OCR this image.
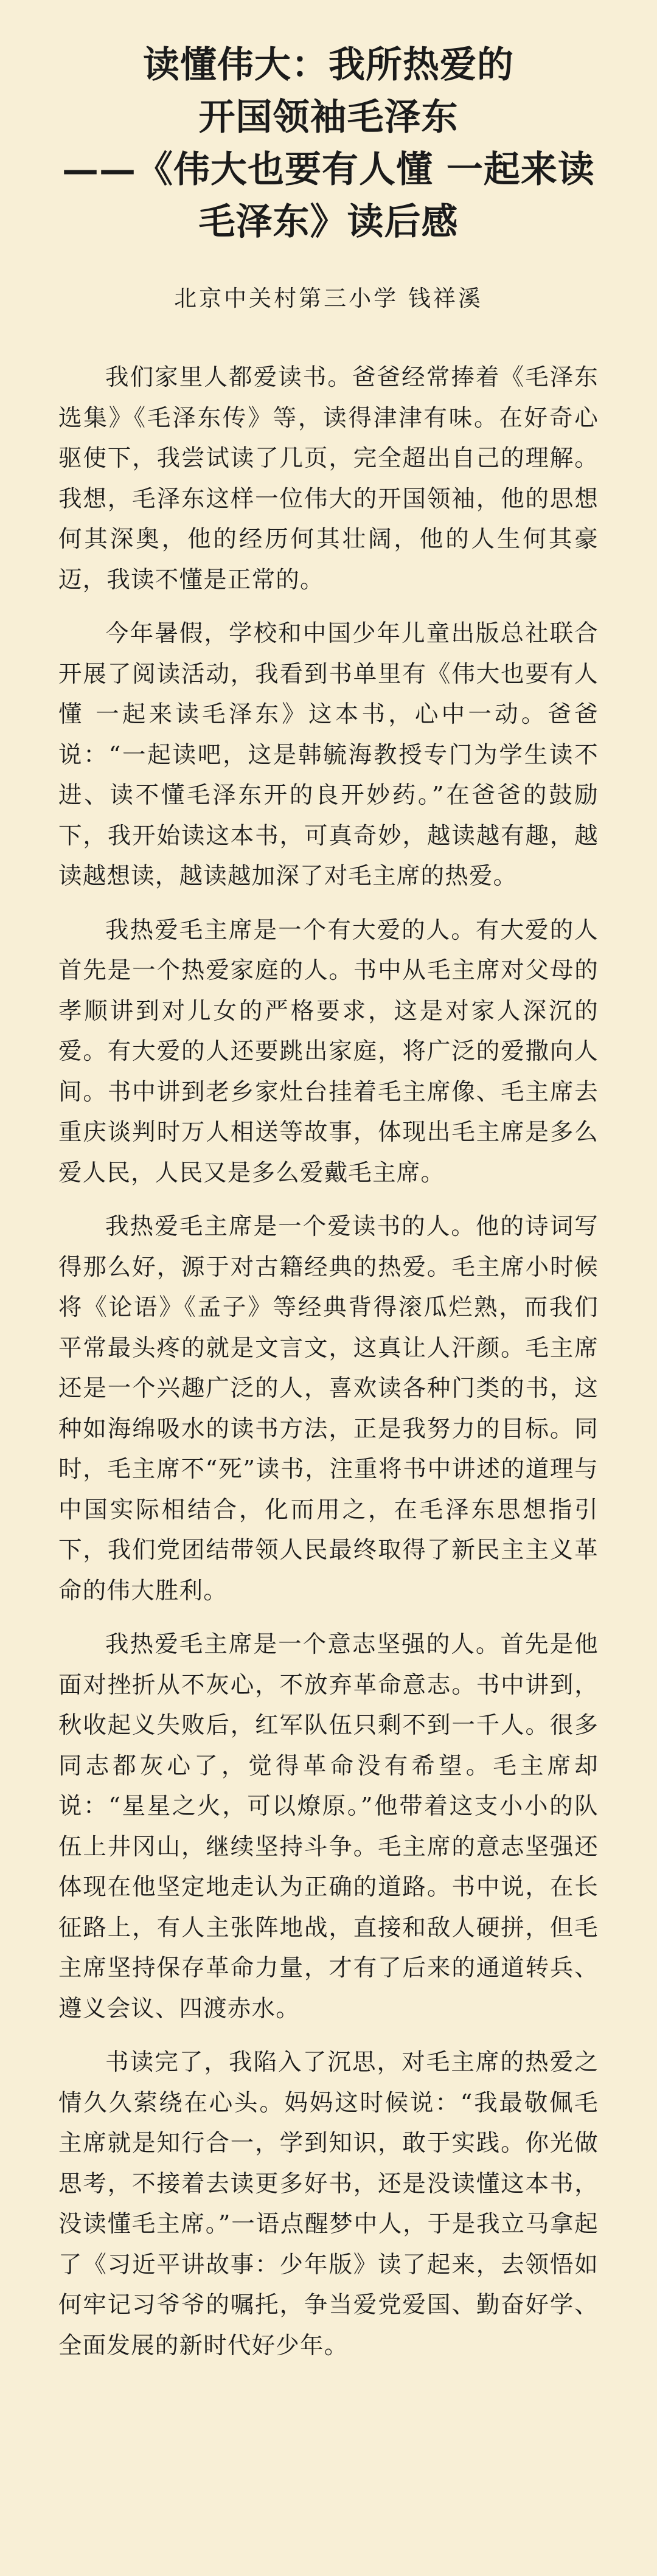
读懂伟大：我所热爱的
开国领袖毛泽东
——《伟大也要有人懂 一起来读
毛泽东》读后感
北京中关村第三小学 钱祥溪

我们家里人都爱读书。爸爸经常捧着《毛泽东选集》《毛泽东传》等，读得津津有味。在好奇心驱使下，我尝试读了几页，完全超出自己的理解。我想，毛泽东这样一位伟大的开国领袖，他的思想何其深奥，他的经历何其壮阔，他的人生何其豪迈，我读不懂是正常的。

今年暑假，学校和中国少年儿童出版总社联合开展了阅读活动，我看到书单里有《伟大也要有人懂 一起来读毛泽东》这本书，心中一动。爸爸说：“一起读吧，这是韩毓海教授专门为学生读不进、读不懂毛泽东开的良开妙药。”在爸爸的鼓励下，我开始读这本书，可真奇妙，越读越有趣，越读越想读，越读越加深了对毛主席的热爱。

我热爱毛主席是一个有大爱的人。有大爱的人首先是一个热爱家庭的人。书中从毛主席对父母的孝顺讲到对儿女的严格要求，这是对家人深沉的爱。有大爱的人还要跳出家庭，将广泛的爱撒向人间。书中讲到老乡家灶台挂着毛主席像、毛主席去重庆谈判时万人相送等故事，体现出毛主席是多么爱人民，人民又是多么爱戴毛主席。

我热爱毛主席是一个爱读书的人。他的诗词写得那么好，源于对古籍经典的热爱。毛主席小时候将《论语》《孟子》等经典背得滚瓜烂熟，而我们平常最头疼的就是文言文，这真让人汗颜。毛主席还是一个兴趣广泛的人，喜欢读各种门类的书，这种如海绵吸水的读书方法，正是我努力的目标。同时，毛主席不“死”读书，注重将书中讲述的道理与中国实际相结合，化而用之，在毛泽东思想指引下，我们党团结带领人民最终取得了新民主主义革命的伟大胜利。

我热爱毛主席是一个意志坚强的人。首先是他面对挫折从不灰心，不放弃革命意志。书中讲到，秋收起义失败后，红军队伍只剩不到一千人。很多同志都灰心了，觉得革命没有希望。毛主席却说：“星星之火，可以燎原。”他带着这支小小的队伍上井冈山，继续坚持斗争。毛主席的意志坚强还体现在他坚定地走认为正确的道路。书中说，在长征路上，有人主张阵地战，直接和敌人硬拼，但毛主席坚持保存革命力量，才有了后来的通道转兵、遵义会议、四渡赤水。

书读完了，我陷入了沉思，对毛主席的热爱之情久久萦绕在心头。妈妈这时候说：“我最敬佩毛主席就是知行合一，学到知识，敢于实践。你光做思考，不接着去读更多好书，还是没读懂这本书，没读懂毛主席。”一语点醒梦中人，于是我立马拿起了《习近平讲故事：少年版》读了起来，去领悟如何牢记习爷爷的嘱托，争当爱党爱国、勤奋好学、全面发展的新时代好少年。
